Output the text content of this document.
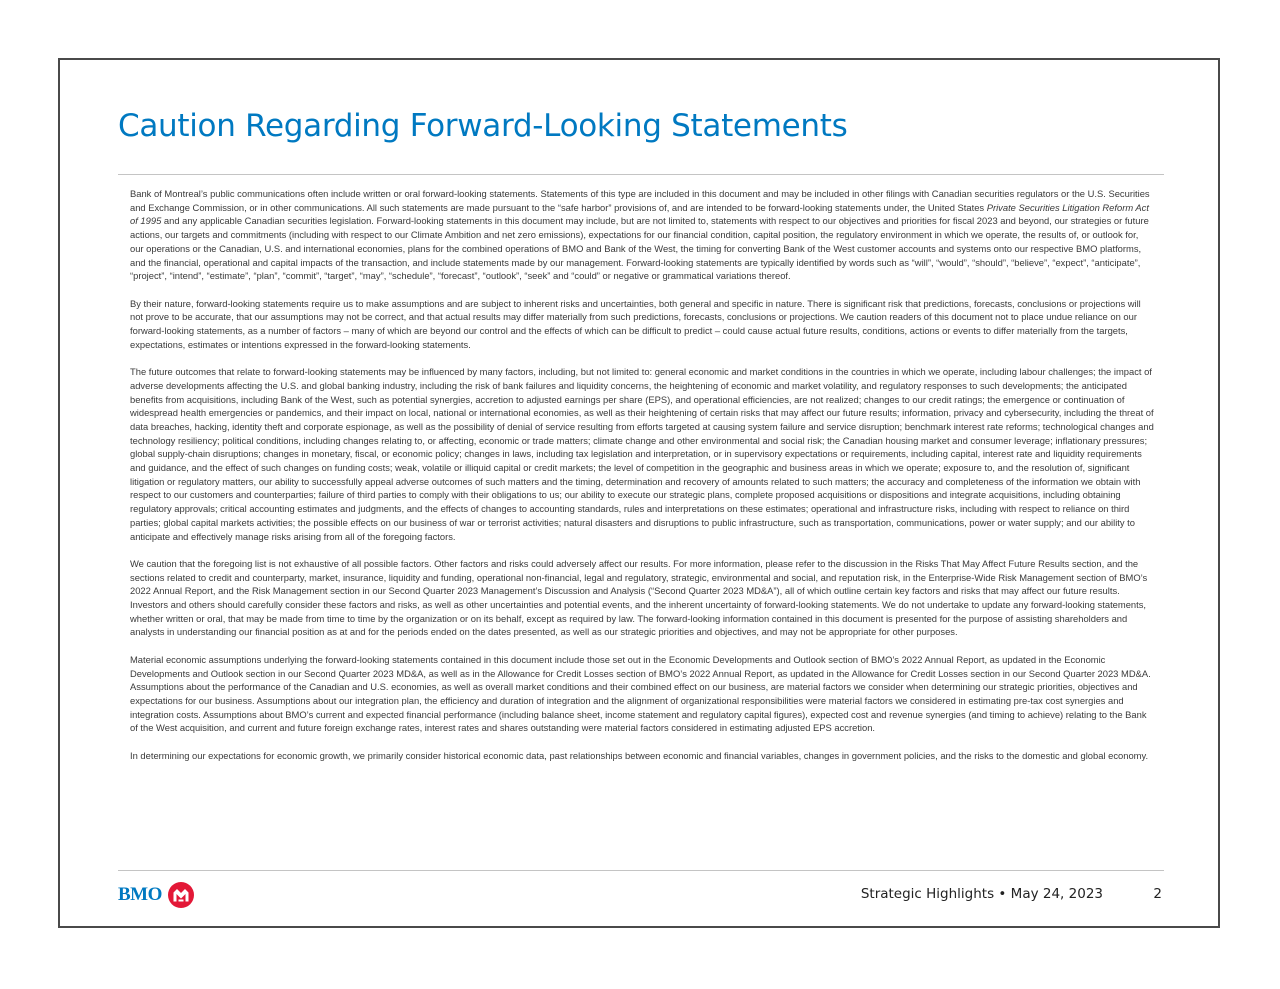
Caution Regarding Forward-Looking Statements

Bank of Montreal’s public communications often include written or oral forward-looking statements. Statements of this type are included in this document and may be included in other filings with Canadian securities regulators or the U.S. Securities and Exchange Commission, or in other communications. All such statements are made pursuant to the “safe harbor” provisions of, and are intended to be forward-looking statements under, the United States Private Securities Litigation Reform Act of 1995 and any applicable Canadian securities legislation. Forward-looking statements in this document may include, but are not limited to, statements with respect to our objectives and priorities for fiscal 2023 and beyond, our strategies or future actions, our targets and commitments (including with respect to our Climate Ambition and net zero emissions), expectations for our financial condition, capital position, the regulatory environment in which we operate, the results of, or outlook for, our operations or the Canadian, U.S. and international economies, plans for the combined operations of BMO and Bank of the West, the timing for converting Bank of the West customer accounts and systems onto our respective BMO platforms, and the financial, operational and capital impacts of the transaction, and include statements made by our management. Forward-looking statements are typically identified by words such as “will”, “would”, “should”, “believe”, “expect”, “anticipate”, “project”, “intend”, “estimate”, “plan”, “commit”, “target”, “may”, “schedule”, “forecast”, “outlook”, “seek” and “could” or negative or grammatical variations thereof.

By their nature, forward-looking statements require us to make assumptions and are subject to inherent risks and uncertainties, both general and specific in nature. There is significant risk that predictions, forecasts, conclusions or projections will not prove to be accurate, that our assumptions may not be correct, and that actual results may differ materially from such predictions, forecasts, conclusions or projections. We caution readers of this document not to place undue reliance on our forward-looking statements, as a number of factors – many of which are beyond our control and the effects of which can be difficult to predict – could cause actual future results, conditions, actions or events to differ materially from the targets, expectations, estimates or intentions expressed in the forward-looking statements.

The future outcomes that relate to forward-looking statements may be influenced by many factors, including, but not limited to: general economic and market conditions in the countries in which we operate, including labour challenges; the impact of adverse developments affecting the U.S. and global banking industry, including the risk of bank failures and liquidity concerns, the heightening of economic and market volatility, and regulatory responses to such developments; the anticipated benefits from acquisitions, including Bank of the West, such as potential synergies, accretion to adjusted earnings per share (EPS), and operational efficiencies, are not realized; changes to our credit ratings; the emergence or continuation of widespread health emergencies or pandemics, and their impact on local, national or international economies, as well as their heightening of certain risks that may affect our future results; information, privacy and cybersecurity, including the threat of data breaches, hacking, identity theft and corporate espionage, as well as the possibility of denial of service resulting from efforts targeted at causing system failure and service disruption; benchmark interest rate reforms; technological changes and technology resiliency; political conditions, including changes relating to, or affecting, economic or trade matters; climate change and other environmental and social risk; the Canadian housing market and consumer leverage; inflationary pressures; global supply-chain disruptions; changes in monetary, fiscal, or economic policy; changes in laws, including tax legislation and interpretation, or in supervisory expectations or requirements, including capital, interest rate and liquidity requirements and guidance, and the effect of such changes on funding costs; weak, volatile or illiquid capital or credit markets; the level of competition in the geographic and business areas in which we operate; exposure to, and the resolution of, significant litigation or regulatory matters, our ability to successfully appeal adverse outcomes of such matters and the timing, determination and recovery of amounts related to such matters; the accuracy and completeness of the information we obtain with respect to our customers and counterparties; failure of third parties to comply with their obligations to us; our ability to execute our strategic plans, complete proposed acquisitions or dispositions and integrate acquisitions, including obtaining regulatory approvals; critical accounting estimates and judgments, and the effects of changes to accounting standards, rules and interpretations on these estimates; operational and infrastructure risks, including with respect to reliance on third parties; global capital markets activities; the possible effects on our business of war or terrorist activities; natural disasters and disruptions to public infrastructure, such as transportation, communications, power or water supply; and our ability to anticipate and effectively manage risks arising from all of the foregoing factors.

We caution that the foregoing list is not exhaustive of all possible factors. Other factors and risks could adversely affect our results. For more information, please refer to the discussion in the Risks That May Affect Future Results section, and the sections related to credit and counterparty, market, insurance, liquidity and funding, operational non-financial, legal and regulatory, strategic, environmental and social, and reputation risk, in the Enterprise-Wide Risk Management section of BMO’s 2022 Annual Report, and the Risk Management section in our Second Quarter 2023 Management’s Discussion and Analysis (“Second Quarter 2023 MD&A”), all of which outline certain key factors and risks that may affect our future results. Investors and others should carefully consider these factors and risks, as well as other uncertainties and potential events, and the inherent uncertainty of forward-looking statements. We do not undertake to update any forward-looking statements, whether written or oral, that may be made from time to time by the organization or on its behalf, except as required by law. The forward-looking information contained in this document is presented for the purpose of assisting shareholders and analysts in understanding our financial position as at and for the periods ended on the dates presented, as well as our strategic priorities and objectives, and may not be appropriate for other purposes.

Material economic assumptions underlying the forward-looking statements contained in this document include those set out in the Economic Developments and Outlook section of BMO’s 2022 Annual Report, as updated in the Economic Developments and Outlook section in our Second Quarter 2023 MD&A, as well as in the Allowance for Credit Losses section of BMO’s 2022 Annual Report, as updated in the Allowance for Credit Losses section in our Second Quarter 2023 MD&A. Assumptions about the performance of the Canadian and U.S. economies, as well as overall market conditions and their combined effect on our business, are material factors we consider when determining our strategic priorities, objectives and expectations for our business. Assumptions about our integration plan, the efficiency and duration of integration and the alignment of organizational responsibilities were material factors we considered in estimating pre-tax cost synergies and integration costs. Assumptions about BMO’s current and expected financial performance (including balance sheet, income statement and regulatory capital figures), expected cost and revenue synergies (and timing to achieve) relating to the Bank of the West acquisition, and current and future foreign exchange rates, interest rates and shares outstanding were material factors considered in estimating adjusted EPS accretion.

In determining our expectations for economic growth, we primarily consider historical economic data, past relationships between economic and financial variables, changes in government policies, and the risks to the domestic and global economy.

BMO	Strategic Highlights • May 24, 2023	2
